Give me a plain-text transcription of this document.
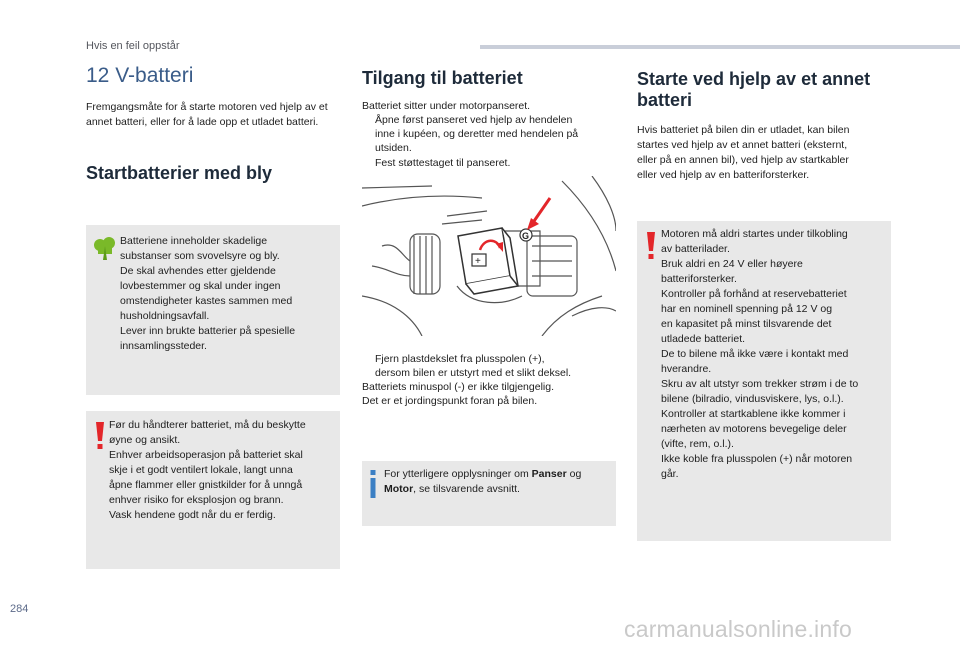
Hvis en feil oppstår
12 V-batteri

Fremgangsmåte for å starte motoren ved hjelp av et annet batteri, eller for å lade opp et utladet batteri.

Startbatterier med bly

Batteriene inneholder skadelige

substanser som svovelsyre og bly.

De skal avhendes etter gjeldende

lovbestemmer og skal under ingen

omstendigheter kastes sammen med

husholdningsavfall.

Lever inn brukte batterier på spesielle

innsamlingssteder.

Før du håndterer batteriet, må du beskytte

øyne og ansikt.

Enhver arbeidsoperasjon på batteriet skal

skje i et godt ventilert lokale, langt unna

åpne flammer eller gnistkilder for å unngå

enhver risiko for eksplosjon og brann.

Vask hendene godt når du er ferdig.

Tilgang til batteriet

Batteriet sitter under motorpanseret.

Åpne først panseret ved hjelp av hendelen
inne i kupéen, og deretter med hendelen på
utsiden.
Fest støttestaget til panseret.
+
G
Fjern plastdekslet fra plusspolen (+),
dersom bilen er utstyrt med et slikt deksel.

Batteriets minuspol (-) er ikke tilgjengelig.

Det er et jordingspunkt foran på bilen.

For ytterligere opplysninger om Panser og

Motor, se tilsvarende avsnitt.

Starte ved hjelp av et annet
batteri

Hvis batteriet på bilen din er utladet, kan bilen

startes ved hjelp av et annet batteri (eksternt,

eller på en annen bil), ved hjelp av startkabler

eller ved hjelp av en batteriforsterker.

Motoren må aldri startes under tilkobling

av batterilader.

Bruk aldri en 24 V eller høyere

batteriforsterker.

Kontroller på forhånd at reservebatteriet

har en nominell spenning på 12 V og

en kapasitet på minst tilsvarende det

utladede batteriet.

De to bilene må ikke være i kontakt med

hverandre.

Skru av alt utstyr som trekker strøm i de to

bilene (bilradio, vindusviskere, lys, o.l.).

Kontroller at startkablene ikke kommer i

nærheten av motorens bevegelige deler

(vifte, rem, o.l.).

Ikke koble fra plusspolen (+) når motoren

går.

284
carmanualsonline.info
